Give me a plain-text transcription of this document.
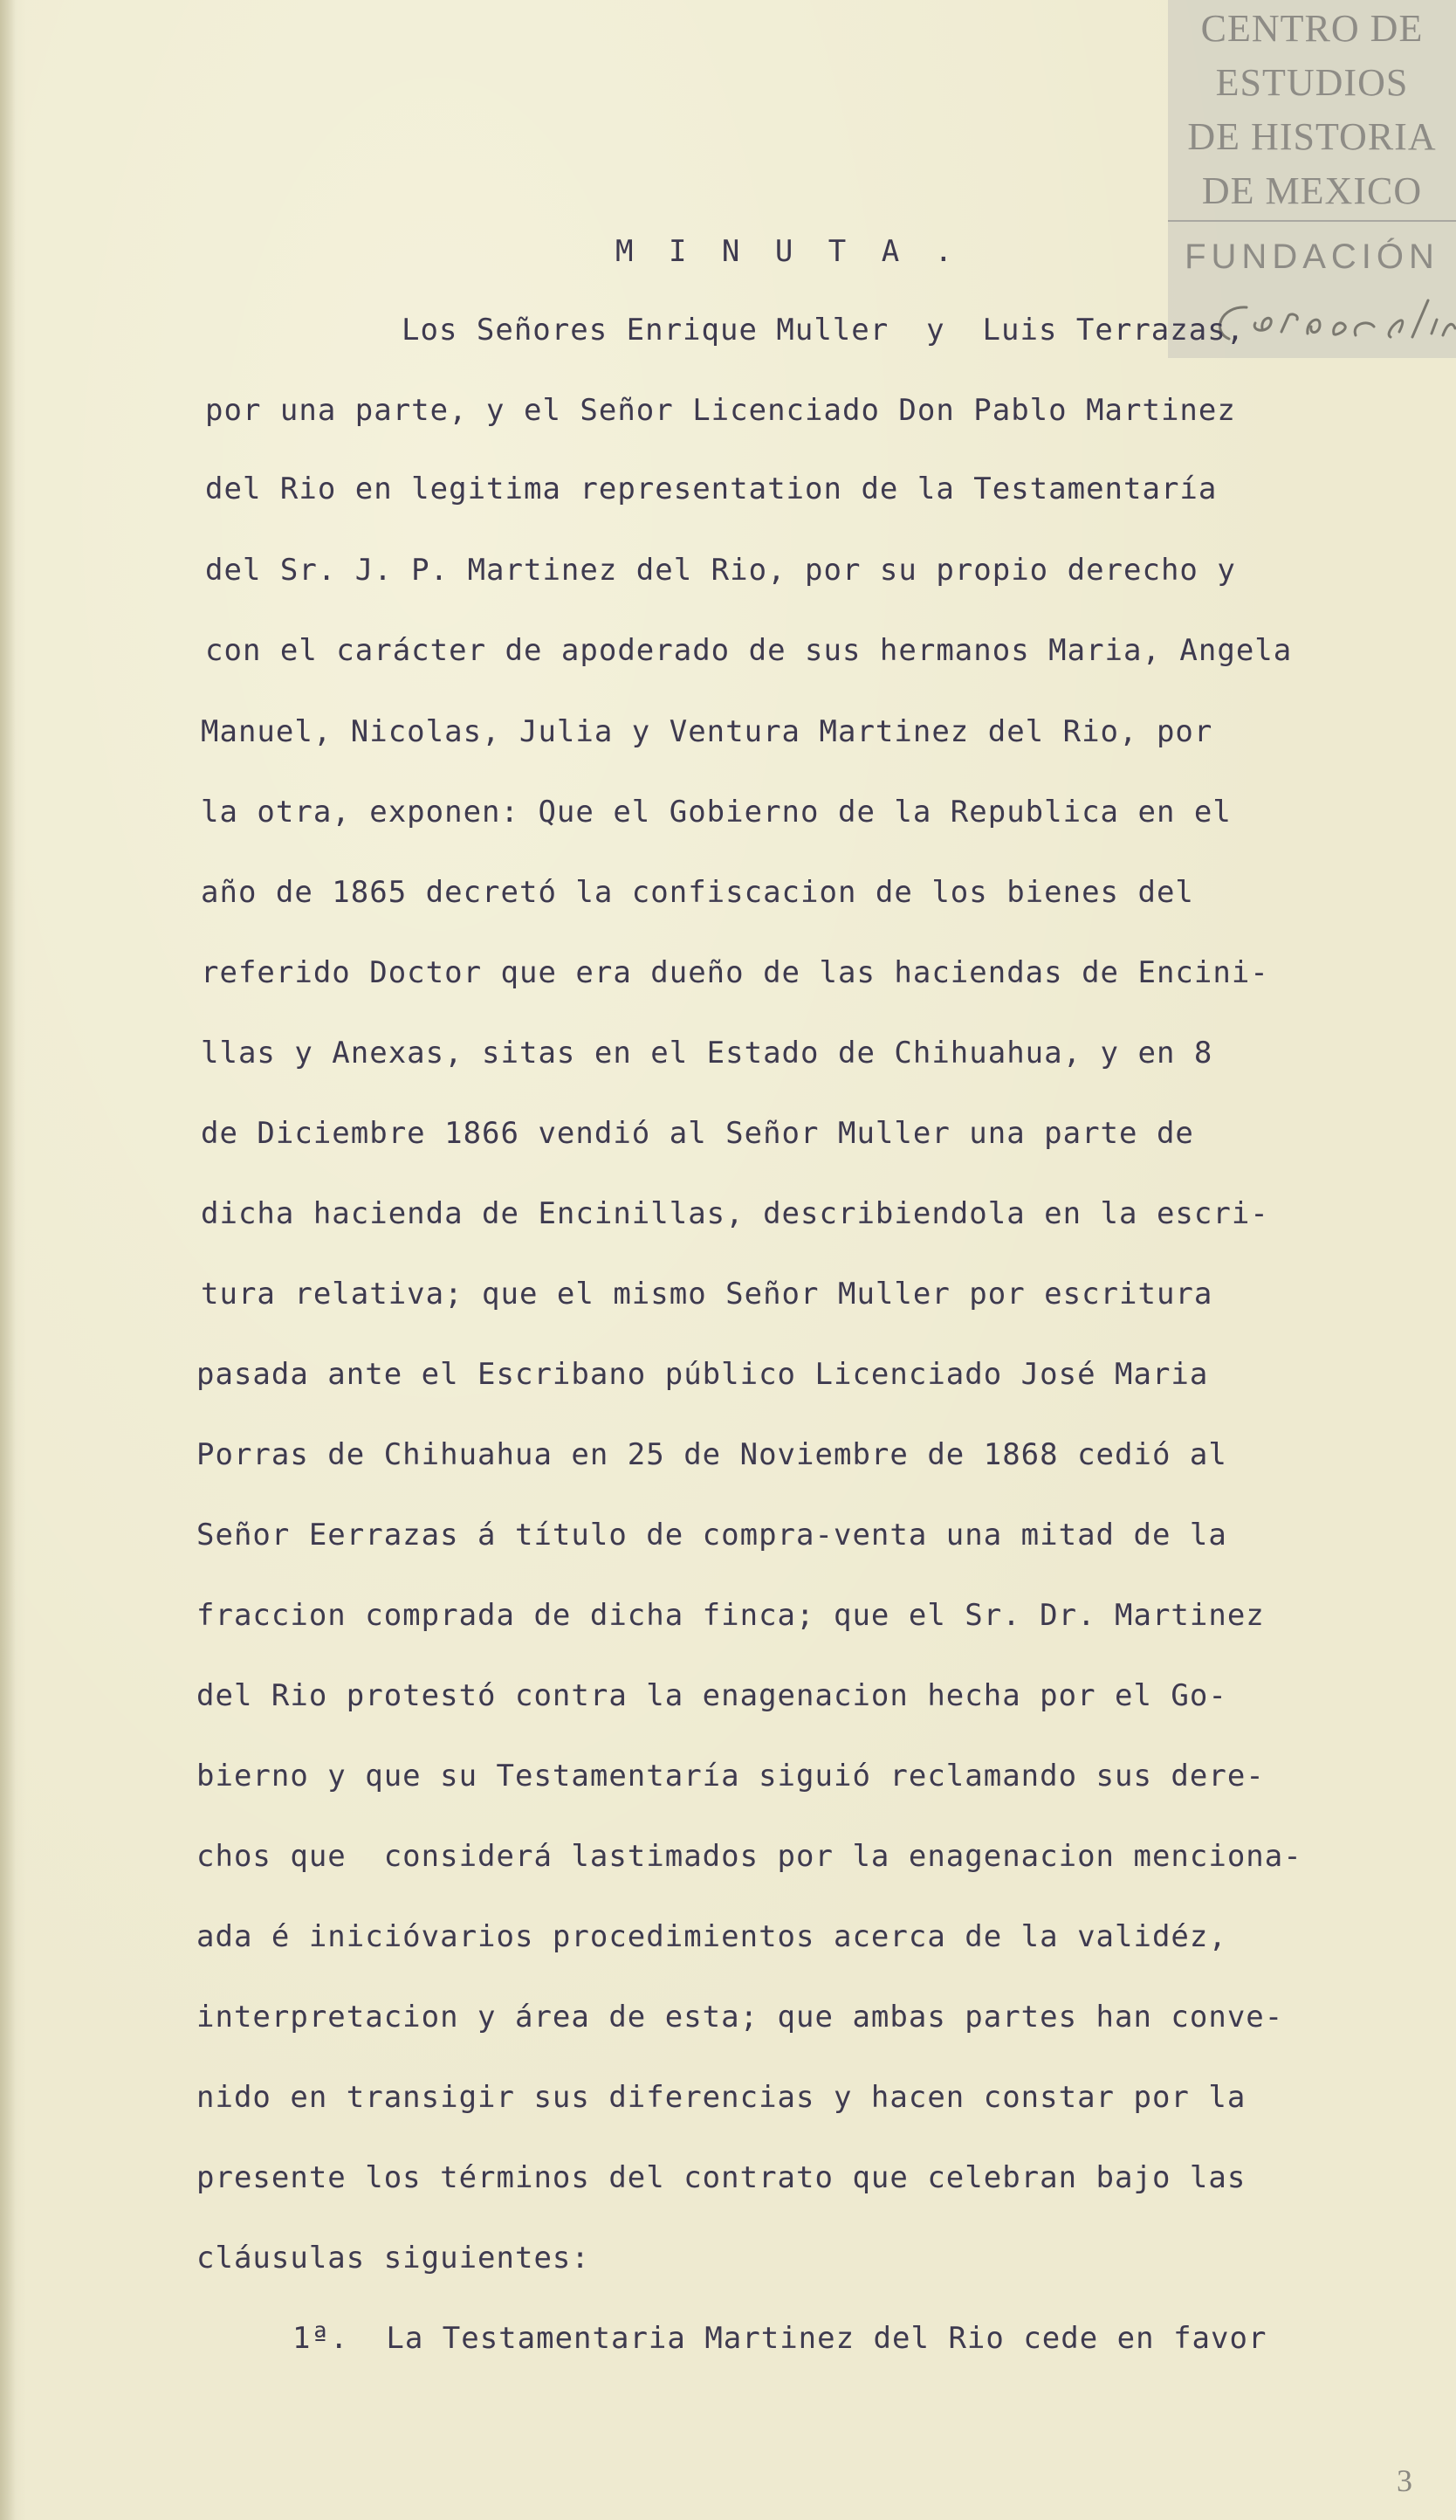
CENTRO DE
ESTUDIOS
DE HISTORIA
DE MEXICO
FUNDACIÓN
M I N U T A .
Los Señores Enrique Muller  y  Luis Terrazas,
por una parte, y el Señor Licenciado Don Pablo Martinez
del Rio en legitima representation de la Testamentaría
del Sr. J. P. Martinez del Rio, por su propio derecho y
con el carácter de apoderado de sus hermanos Maria, Angela
Manuel, Nicolas, Julia y Ventura Martinez del Rio, por
la otra, exponen: Que el Gobierno de la Republica en el
año de 1865 decretó la confiscacion de los bienes del
referido Doctor que era dueño de las haciendas de Encini-
llas y Anexas, sitas en el Estado de Chihuahua, y en 8
de Diciembre 1866 vendió al Señor Muller una parte de
dicha hacienda de Encinillas, describiendola en la escri-
tura relativa; que el mismo Señor Muller por escritura
pasada ante el Escribano público Licenciado José Maria
Porras de Chihuahua en 25 de Noviembre de 1868 cedió al
Señor Eerrazas á título de compra-venta una mitad de la
fraccion comprada de dicha finca; que el Sr. Dr. Martinez
del Rio protestó contra la enagenacion hecha por el Go-
bierno y que su Testamentaría siguió reclamando sus dere-
chos que  considerá lastimados por la enagenacion menciona-
ada é inicióvarios procedimientos acerca de la validéz,
interpretacion y área de esta; que ambas partes han conve-
nido en transigir sus diferencias y hacen constar por la
presente los términos del contrato que celebran bajo las
cláusulas siguientes:
1ª.  La Testamentaria Martinez del Rio cede en favor
3
